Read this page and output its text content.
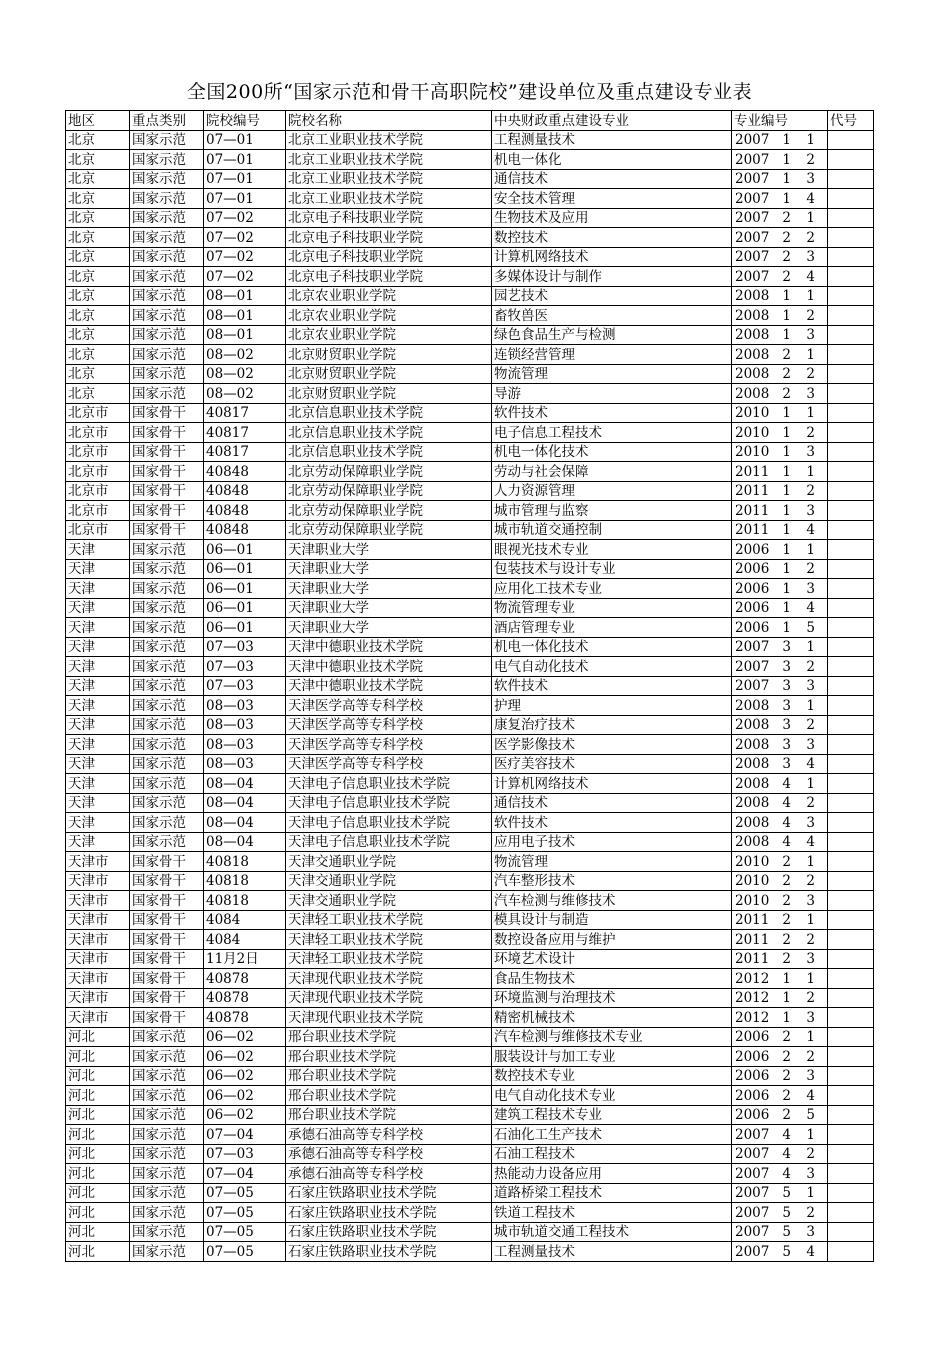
全国200所“国家示范和骨干高职院校”建设单位及重点建设专业表
地区	重点类别	院校编号	院校名称	中央财政重点建设专业	专业编号	代号
北京	国家示范	07—01	北京工业职业技术学院	工程测量技术	2007 1 1	
北京	国家示范	07—01	北京工业职业技术学院	机电一体化	2007 1 2	
北京	国家示范	07—01	北京工业职业技术学院	通信技术	2007 1 3	
北京	国家示范	07—01	北京工业职业技术学院	安全技术管理	2007 1 4	
北京	国家示范	07—02	北京电子科技职业学院	生物技术及应用	2007 2 1	
北京	国家示范	07—02	北京电子科技职业学院	数控技术	2007 2 2	
北京	国家示范	07—02	北京电子科技职业学院	计算机网络技术	2007 2 3	
北京	国家示范	07—02	北京电子科技职业学院	多媒体设计与制作	2007 2 4	
北京	国家示范	08—01	北京农业职业学院	园艺技术	2008 1 1	
北京	国家示范	08—01	北京农业职业学院	畜牧兽医	2008 1 2	
北京	国家示范	08—01	北京农业职业学院	绿色食品生产与检测	2008 1 3	
北京	国家示范	08—02	北京财贸职业学院	连锁经营管理	2008 2 1	
北京	国家示范	08—02	北京财贸职业学院	物流管理	2008 2 2	
北京	国家示范	08—02	北京财贸职业学院	导游	2008 2 3	
北京市	国家骨干	40817	北京信息职业技术学院	软件技术	2010 1 1	
北京市	国家骨干	40817	北京信息职业技术学院	电子信息工程技术	2010 1 2	
北京市	国家骨干	40817	北京信息职业技术学院	机电一体化技术	2010 1 3	
北京市	国家骨干	40848	北京劳动保障职业学院	劳动与社会保障	2011 1 1	
北京市	国家骨干	40848	北京劳动保障职业学院	人力资源管理	2011 1 2	
北京市	国家骨干	40848	北京劳动保障职业学院	城市管理与监察	2011 1 3	
北京市	国家骨干	40848	北京劳动保障职业学院	城市轨道交通控制	2011 1 4	
天津	国家示范	06—01	天津职业大学	眼视光技术专业	2006 1 1	
天津	国家示范	06—01	天津职业大学	包装技术与设计专业	2006 1 2	
天津	国家示范	06—01	天津职业大学	应用化工技术专业	2006 1 3	
天津	国家示范	06—01	天津职业大学	物流管理专业	2006 1 4	
天津	国家示范	06—01	天津职业大学	酒店管理专业	2006 1 5	
天津	国家示范	07—03	天津中德职业技术学院	机电一体化技术	2007 3 1	
天津	国家示范	07—03	天津中德职业技术学院	电气自动化技术	2007 3 2	
天津	国家示范	07—03	天津中德职业技术学院	软件技术	2007 3 3	
天津	国家示范	08—03	天津医学高等专科学校	护理	2008 3 1	
天津	国家示范	08—03	天津医学高等专科学校	康复治疗技术	2008 3 2	
天津	国家示范	08—03	天津医学高等专科学校	医学影像技术	2008 3 3	
天津	国家示范	08—03	天津医学高等专科学校	医疗美容技术	2008 3 4	
天津	国家示范	08—04	天津电子信息职业技术学院	计算机网络技术	2008 4 1	
天津	国家示范	08—04	天津电子信息职业技术学院	通信技术	2008 4 2	
天津	国家示范	08—04	天津电子信息职业技术学院	软件技术	2008 4 3	
天津	国家示范	08—04	天津电子信息职业技术学院	应用电子技术	2008 4 4	
天津市	国家骨干	40818	天津交通职业学院	物流管理	2010 2 1	
天津市	国家骨干	40818	天津交通职业学院	汽车整形技术	2010 2 2	
天津市	国家骨干	40818	天津交通职业学院	汽车检测与维修技术	2010 2 3	
天津市	国家骨干	4084	天津轻工职业技术学院	模具设计与制造	2011 2 1	
天津市	国家骨干	4084	天津轻工职业技术学院	数控设备应用与维护	2011 2 2	
天津市	国家骨干	11月2日	天津轻工职业技术学院	环境艺术设计	2011 2 3	
天津市	国家骨干	40878	天津现代职业技术学院	食品生物技术	2012 1 1	
天津市	国家骨干	40878	天津现代职业技术学院	环境监测与治理技术	2012 1 2	
天津市	国家骨干	40878	天津现代职业技术学院	精密机械技术	2012 1 3	
河北	国家示范	06—02	邢台职业技术学院	汽车检测与维修技术专业	2006 2 1	
河北	国家示范	06—02	邢台职业技术学院	服装设计与加工专业	2006 2 2	
河北	国家示范	06—02	邢台职业技术学院	数控技术专业	2006 2 3	
河北	国家示范	06—02	邢台职业技术学院	电气自动化技术专业	2006 2 4	
河北	国家示范	06—02	邢台职业技术学院	建筑工程技术专业	2006 2 5	
河北	国家示范	07—04	承德石油高等专科学校	石油化工生产技术	2007 4 1	
河北	国家示范	07—03	承德石油高等专科学校	石油工程技术	2007 4 2	
河北	国家示范	07—04	承德石油高等专科学校	热能动力设备应用	2007 4 3	
河北	国家示范	07—05	石家庄铁路职业技术学院	道路桥梁工程技术	2007 5 1	
河北	国家示范	07—05	石家庄铁路职业技术学院	铁道工程技术	2007 5 2	
河北	国家示范	07—05	石家庄铁路职业技术学院	城市轨道交通工程技术	2007 5 3	
河北	国家示范	07—05	石家庄铁路职业技术学院	工程测量技术	2007 5 4	
